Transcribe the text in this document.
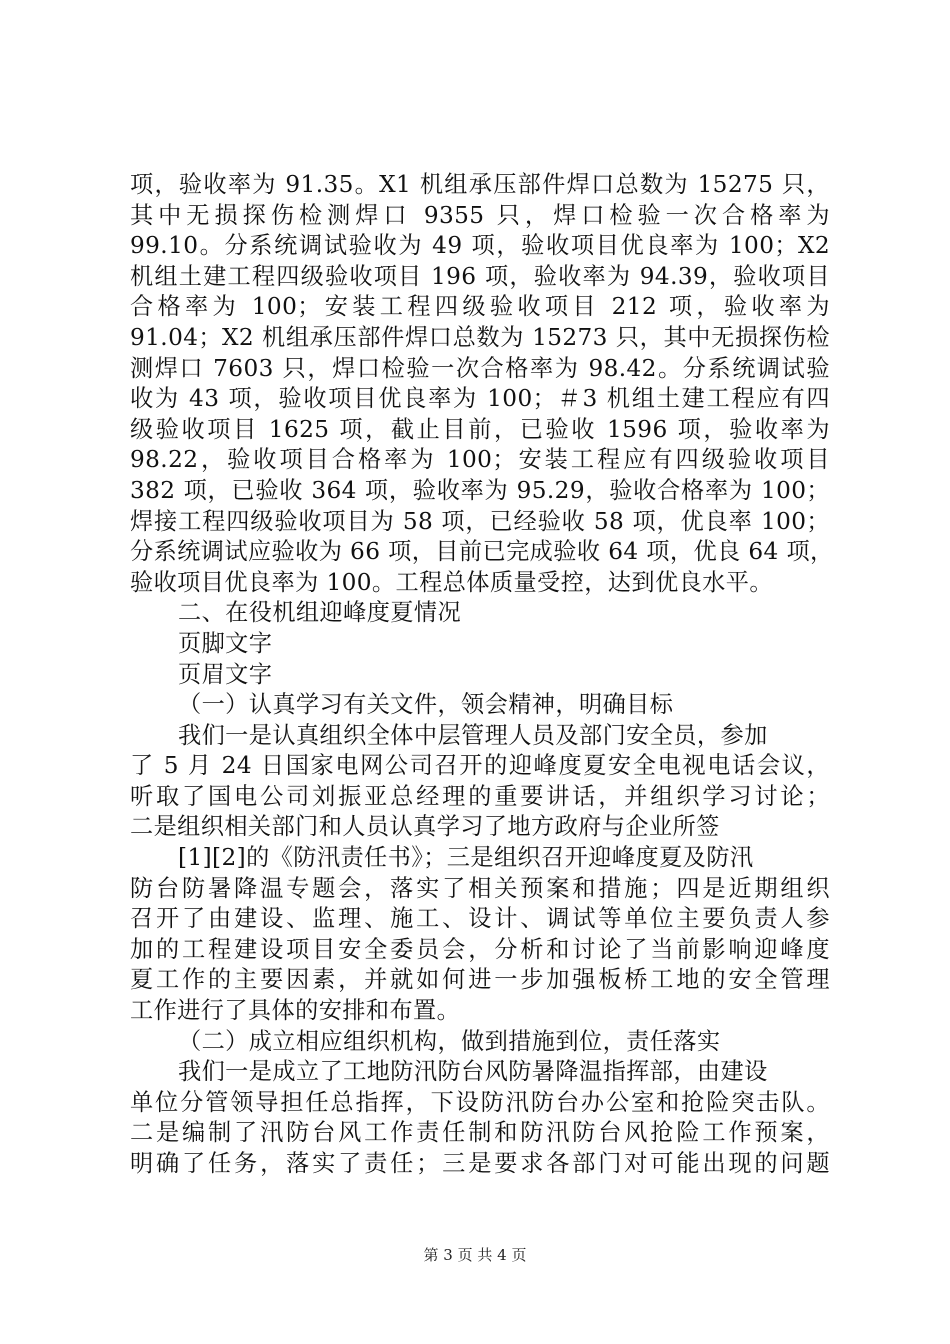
项，验收率为 91.35。X1 机组承压部件焊口总数为 15275 只，
其中无损探伤检测焊口 9355 只，焊口检验一次合格率为
99.10。分系统调试验收为 49 项，验收项目优良率为 100；X2
机组土建工程四级验收项目 196 项，验收率为 94.39，验收项目
合格率为 100；安装工程四级验收项目 212 项，验收率为
91.04；X2 机组承压部件焊口总数为 15273 只，其中无损探伤检
测焊口 7603 只，焊口检验一次合格率为 98.42。分系统调试验
收为 43 项，验收项目优良率为 100；＃3 机组土建工程应有四
级验收项目 1625 项，截止目前，已验收 1596 项，验收率为
98.22，验收项目合格率为 100；安装工程应有四级验收项目
382 项，已验收 364 项，验收率为 95.29，验收合格率为 100；
焊接工程四级验收项目为 58 项，已经验收 58 项，优良率 100；
分系统调试应验收为 66 项，目前已完成验收 64 项，优良 64 项，
验收项目优良率为 100。工程总体质量受控，达到优良水平。
二、在役机组迎峰度夏情况
页脚文字
页眉文字
（一）认真学习有关文件，领会精神，明确目标
我们一是认真组织全体中层管理人员及部门安全员，参加
了 5 月 24 日国家电网公司召开的迎峰度夏安全电视电话会议，
听取了国电公司刘振亚总经理的重要讲话，并组织学习讨论；
二是组织相关部门和人员认真学习了地方政府与企业所签
[1][2]的《防汛责任书》；三是组织召开迎峰度夏及防汛
防台防暑降温专题会，落实了相关预案和措施；四是近期组织
召开了由建设、监理、施工、设计、调试等单位主要负责人参
加的工程建设项目安全委员会，分析和讨论了当前影响迎峰度
夏工作的主要因素，并就如何进一步加强板桥工地的安全管理
工作进行了具体的安排和布置。
（二）成立相应组织机构，做到措施到位，责任落实
我们一是成立了工地防汛防台风防暑降温指挥部，由建设
单位分管领导担任总指挥，下设防汛防台办公室和抢险突击队。
二是编制了汛防台风工作责任制和防汛防台风抢险工作预案，
明确了任务，落实了责任；三是要求各部门对可能出现的问题
第 3 页 共 4 页
